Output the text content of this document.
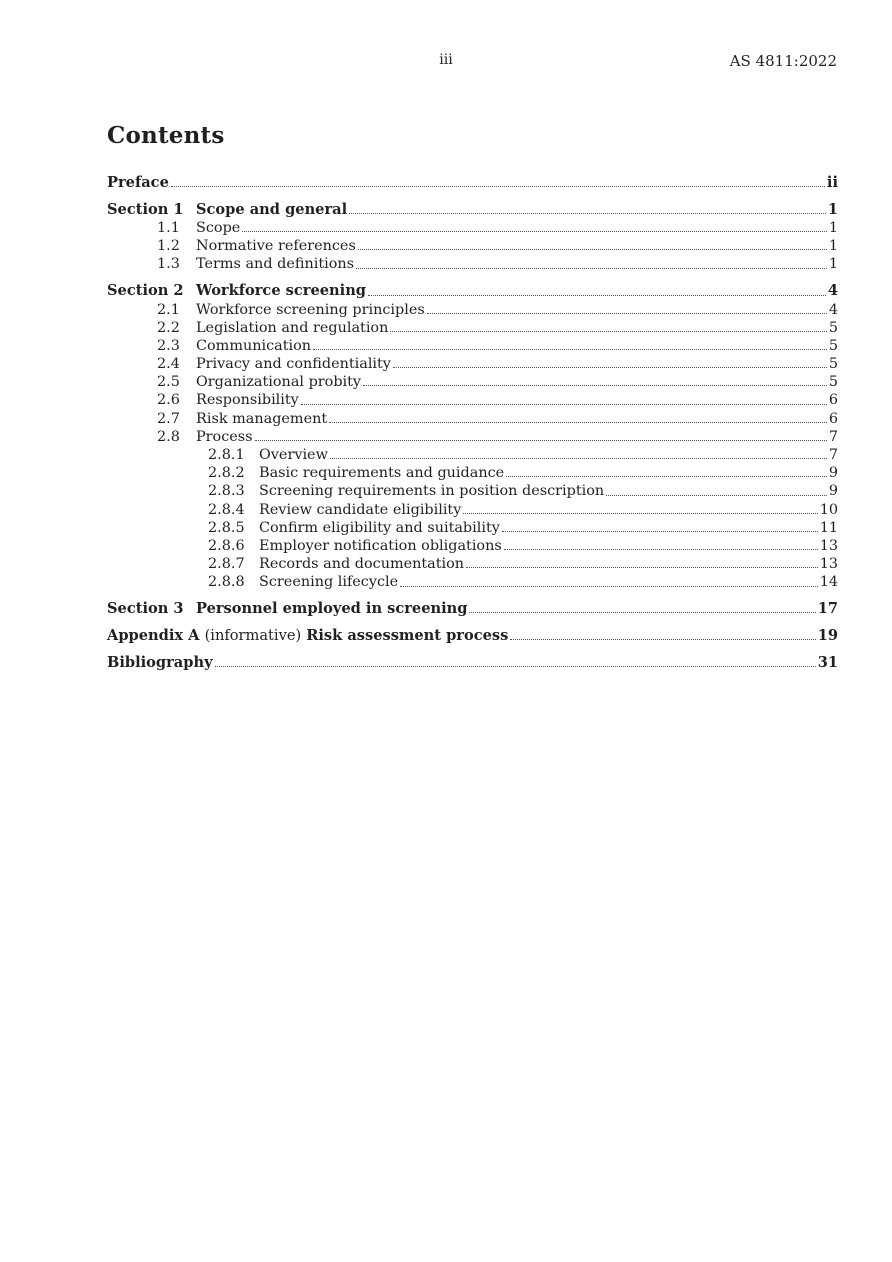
iii	AS 4811:2022
Contents
Preface	ii
Section 1 Scope and general	1
1.1	Scope	1
1.2	Normative references	1
1.3	Terms and definitions	1
Section 2 Workforce screening	4
2.1	Workforce screening principles	4
2.2	Legislation and regulation	5
2.3	Communication	5
2.4	Privacy and confidentiality	5
2.5	Organizational probity	5
2.6	Responsibility	6
2.7	Risk management	6
2.8	Process	7
2.8.1 Overview	7
2.8.2 Basic requirements and guidance	9
2.8.3 Screening requirements in position description	9
2.8.4 Review candidate eligibility	10
2.8.5 Confirm eligibility and suitability	11
2.8.6 Employer notification obligations	13
2.8.7 Records and documentation	13
2.8.8 Screening lifecycle	14
Section 3 Personnel employed in screening	17
Appendix A (informative) Risk assessment process	19
Bibliography	31
